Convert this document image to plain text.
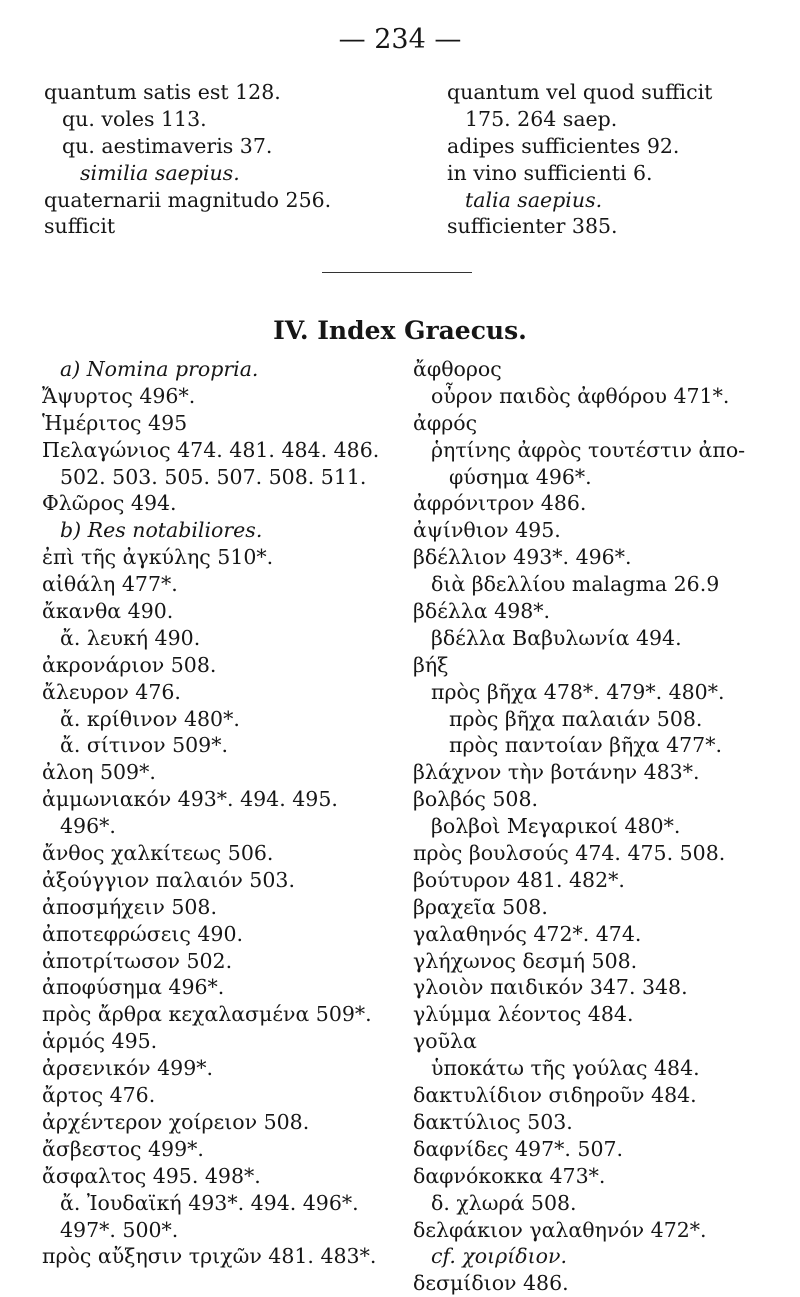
— 234 —
quantum satis est 128.
qu. voles 113.
qu. aestimaveris 37.
similia saepius.
quaternarii magnitudo 256.
sufficit
quantum vel quod sufficit
175. 264 saep.
adipes sufficientes 92.
in vino sufficienti 6.
talia saepius.
sufficienter 385.
IV. Index Graecus.
a) Nomina propria.
Ἄψυρτος 496*.
Ἡμέριτος 495
Πελαγώνιος 474. 481. 484. 486.
502. 503. 505. 507. 508. 511.
Φλῶρος 494.
b) Res notabiliores.
ἐπὶ τῆς ἀγκύλης 510*.
αἰθάλη 477*.
ἄκανθα 490.
ἄ. λευκή 490.
ἀκρονάριον 508.
ἄλευρον 476.
ἄ. κρίθινον 480*.
ἄ. σίτινον 509*.
ἀλοη 509*.
ἀμμωνιακόν 493*. 494. 495.
496*.
ἄνθος χαλκίτεως 506.
ἀξούγγιον παλαιόν 503.
ἀποσμήχειν 508.
ἀποτεφρώσεις 490.
ἀποτρίτωσον 502.
ἀποφύσημα 496*.
πρὸς ἄρθρα κεχαλασμένα 509*.
ἁρμός 495.
ἀρσενικόν 499*.
ἄρτος 476.
ἀρχέντερον χοίρειον 508.
ἄσβεστος 499*.
ἄσφαλτος 495. 498*.
ἄ. Ἰουδαϊκή 493*. 494. 496*.
497*. 500*.
πρὸς αὔξησιν τριχῶν 481. 483*.
ἄφθορος
οὖρον παιδὸς ἀφθόρου 471*.
ἀφρός
ῥητίνης ἀφρὸς τουτέστιν ἀπο-
φύσημα 496*.
ἀφρόνιτρον 486.
ἀψίνθιον 495.
βδέλλιον 493*. 496*.
διὰ βδελλίου malagma 26.9
βδέλλα 498*.
βδέλλα Βαβυλωνία 494.
βήξ
πρὸς βῆχα 478*. 479*. 480*.
πρὸς βῆχα παλαιάν 508.
πρὸς παντοίαν βῆχα 477*.
βλάχνον τὴν βοτάνην 483*.
βολβός 508.
βολβοὶ Μεγαρικοί 480*.
πρὸς βουλσούς 474. 475. 508.
βούτυρον 481. 482*.
βραχεῖα 508.
γαλαθηνός 472*. 474.
γλήχωνος δεσμή 508.
γλοιὸν παιδικόν 347. 348.
γλύμμα λέοντος 484.
γοῦλα
ὑποκάτω τῆς γούλας 484.
δακτυλίδιον σιδηροῦν 484.
δακτύλιος 503.
δαφνίδες 497*. 507.
δαφνόκοκκα 473*.
δ. χλωρά 508.
δελφάκιον γαλαθηνόν 472*.
cf. χοιρίδιον.
δεσμίδιον 486.
